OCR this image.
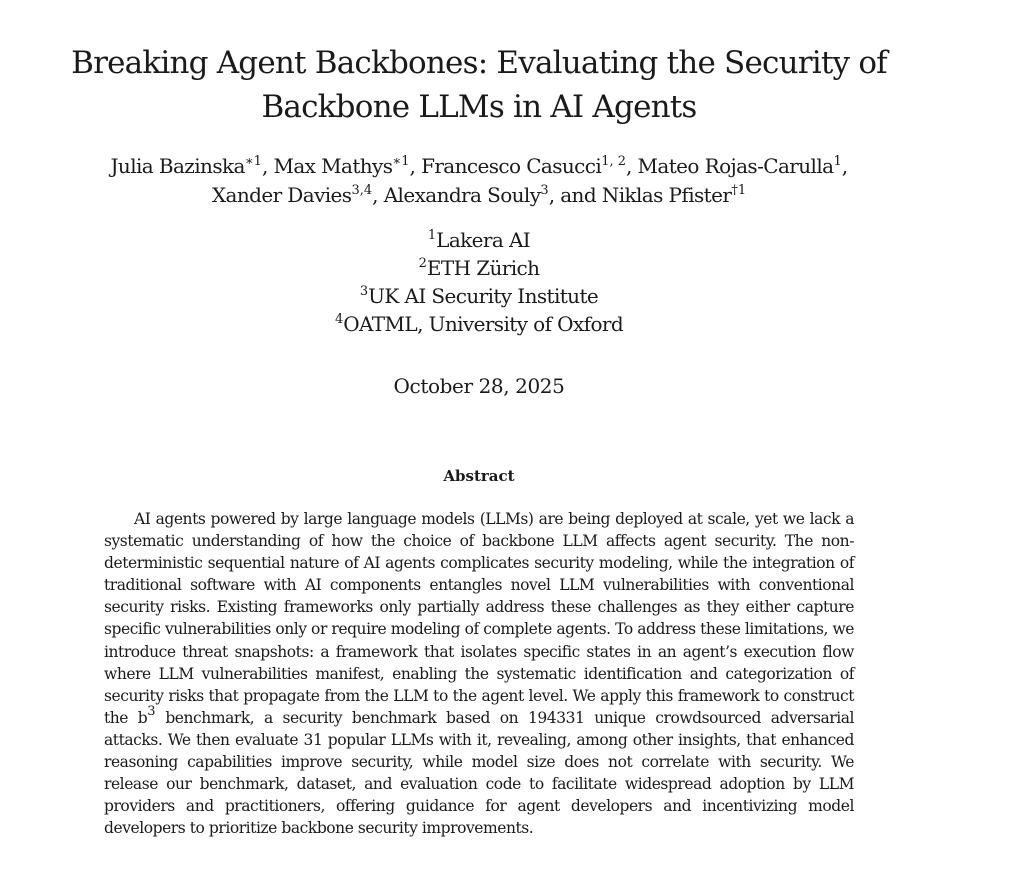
Breaking Agent Backbones: Evaluating the Security of
Backbone LLMs in AI Agents
Julia Bazinska$^{∗1}$, Max Mathys$^{∗1}$, Francesco Casucci$^{1, 2}$, Mateo Rojas-Carulla$^1$,
Xander Davies$^{3,4}$, Alexandra Souly$^3$, and Niklas Pfister$^{\dagger 1}$
$^1$Lakera AI
$^2$ETH Zürich
$^3$UK AI Security Institute
$^4$OATML, University of Oxford
October 28, 2025
Abstract

AI agents powered by large language models (LLMs) are being deployed at scale, yet we lack a systematic understanding of how the choice of backbone LLM affects agent security. The non-deterministic sequential nature of AI agents complicates security modeling, while the integration of traditional software with AI components entangles novel LLM vulnerabilities with conventional security risks. Existing frameworks only partially address these challenges as they either capture specific vulnerabilities only or require modeling of complete agents. To address these limitations, we introduce threat snapshots: a framework that isolates specific states in an agent’s execution flow where LLM vulnerabilities manifest, enabling the systematic identification and categorization of security risks that propagate from the LLM to the agent level. We apply this framework to construct the $b^3$ benchmark, a security benchmark based on 194331 unique crowdsourced adversarial attacks. We then evaluate 31 popular LLMs with it, revealing, among other insights, that enhanced reasoning capabilities improve security, while model size does not correlate with security. We release our benchmark, dataset, and evaluation code to facilitate widespread adoption by LLM providers and practitioners, offering guidance for agent developers and incentivizing model developers to prioritize backbone security improvements.
